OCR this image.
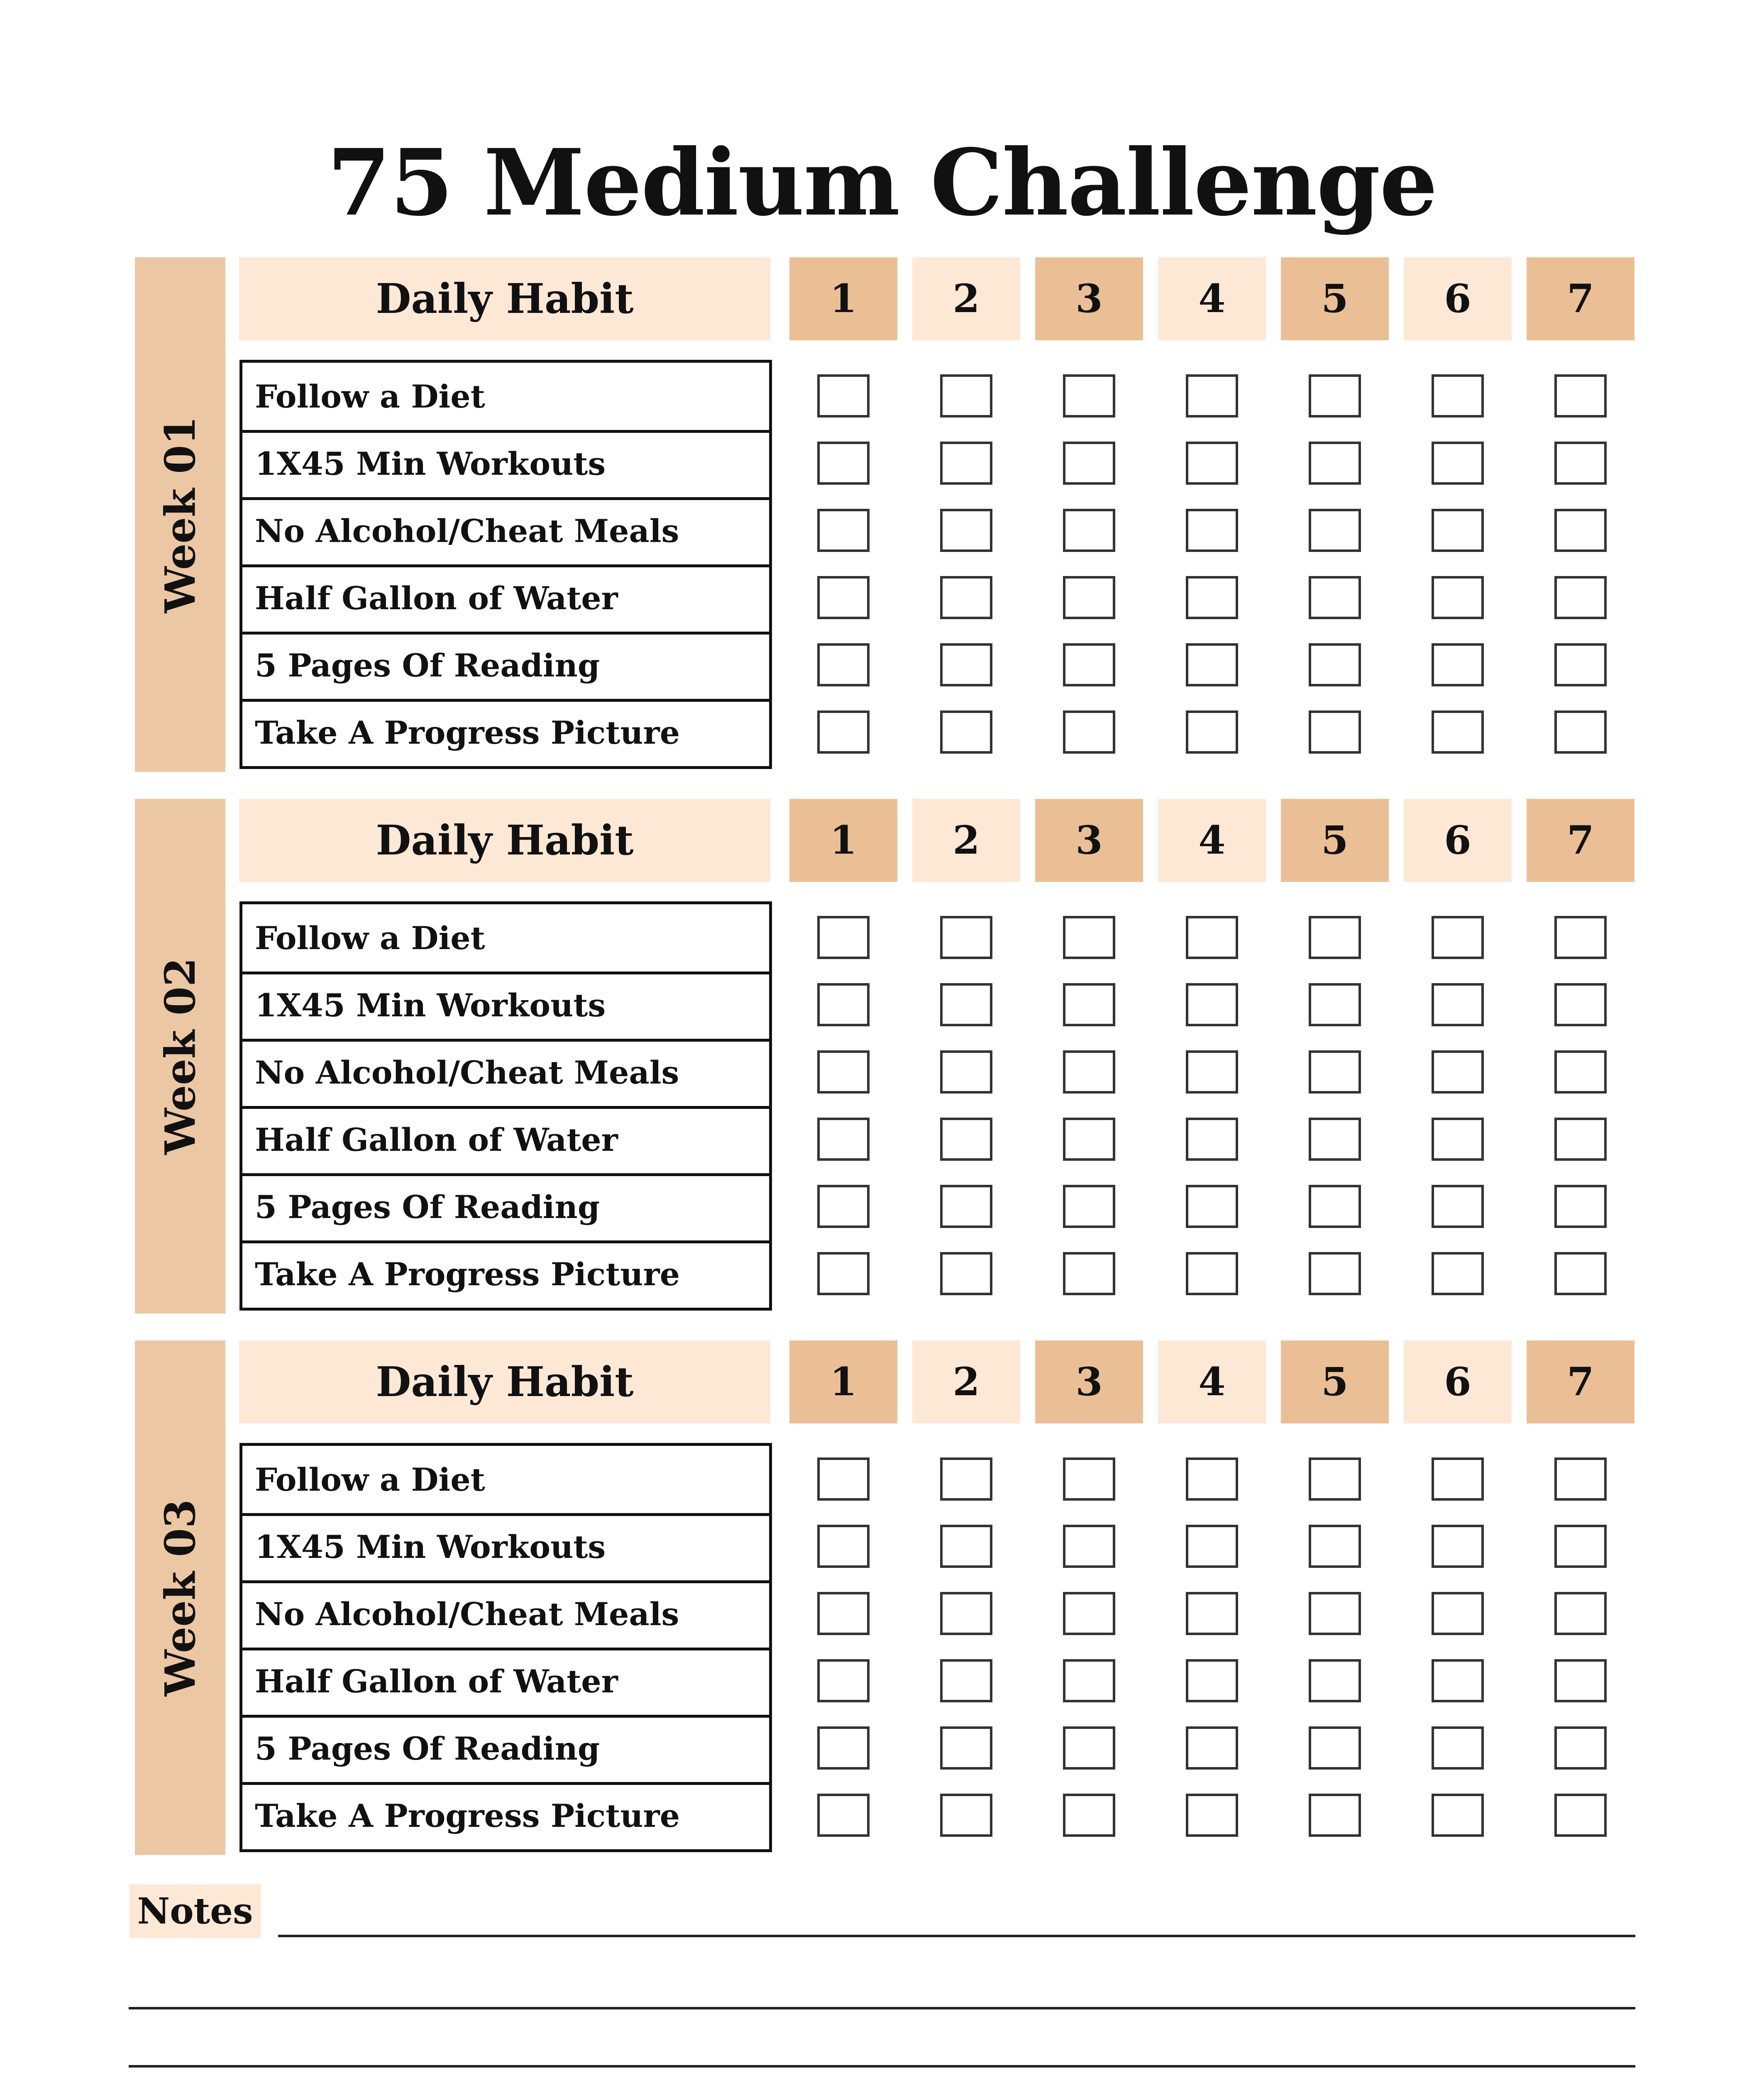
75 Medium Challenge
Week 01
Daily Habit	1	2	3	4	5	6	7
Follow a Diet
1X45 Min Workouts
No Alcohol/Cheat Meals
Half Gallon of Water
5 Pages Of Reading
Take A Progress Picture
Week 02
Daily Habit	1	2	3	4	5	6	7
Follow a Diet
1X45 Min Workouts
No Alcohol/Cheat Meals
Half Gallon of Water
5 Pages Of Reading
Take A Progress Picture
Week 03
Daily Habit	1	2	3	4	5	6	7
Follow a Diet
1X45 Min Workouts
No Alcohol/Cheat Meals
Half Gallon of Water
5 Pages Of Reading
Take A Progress Picture
Notes
